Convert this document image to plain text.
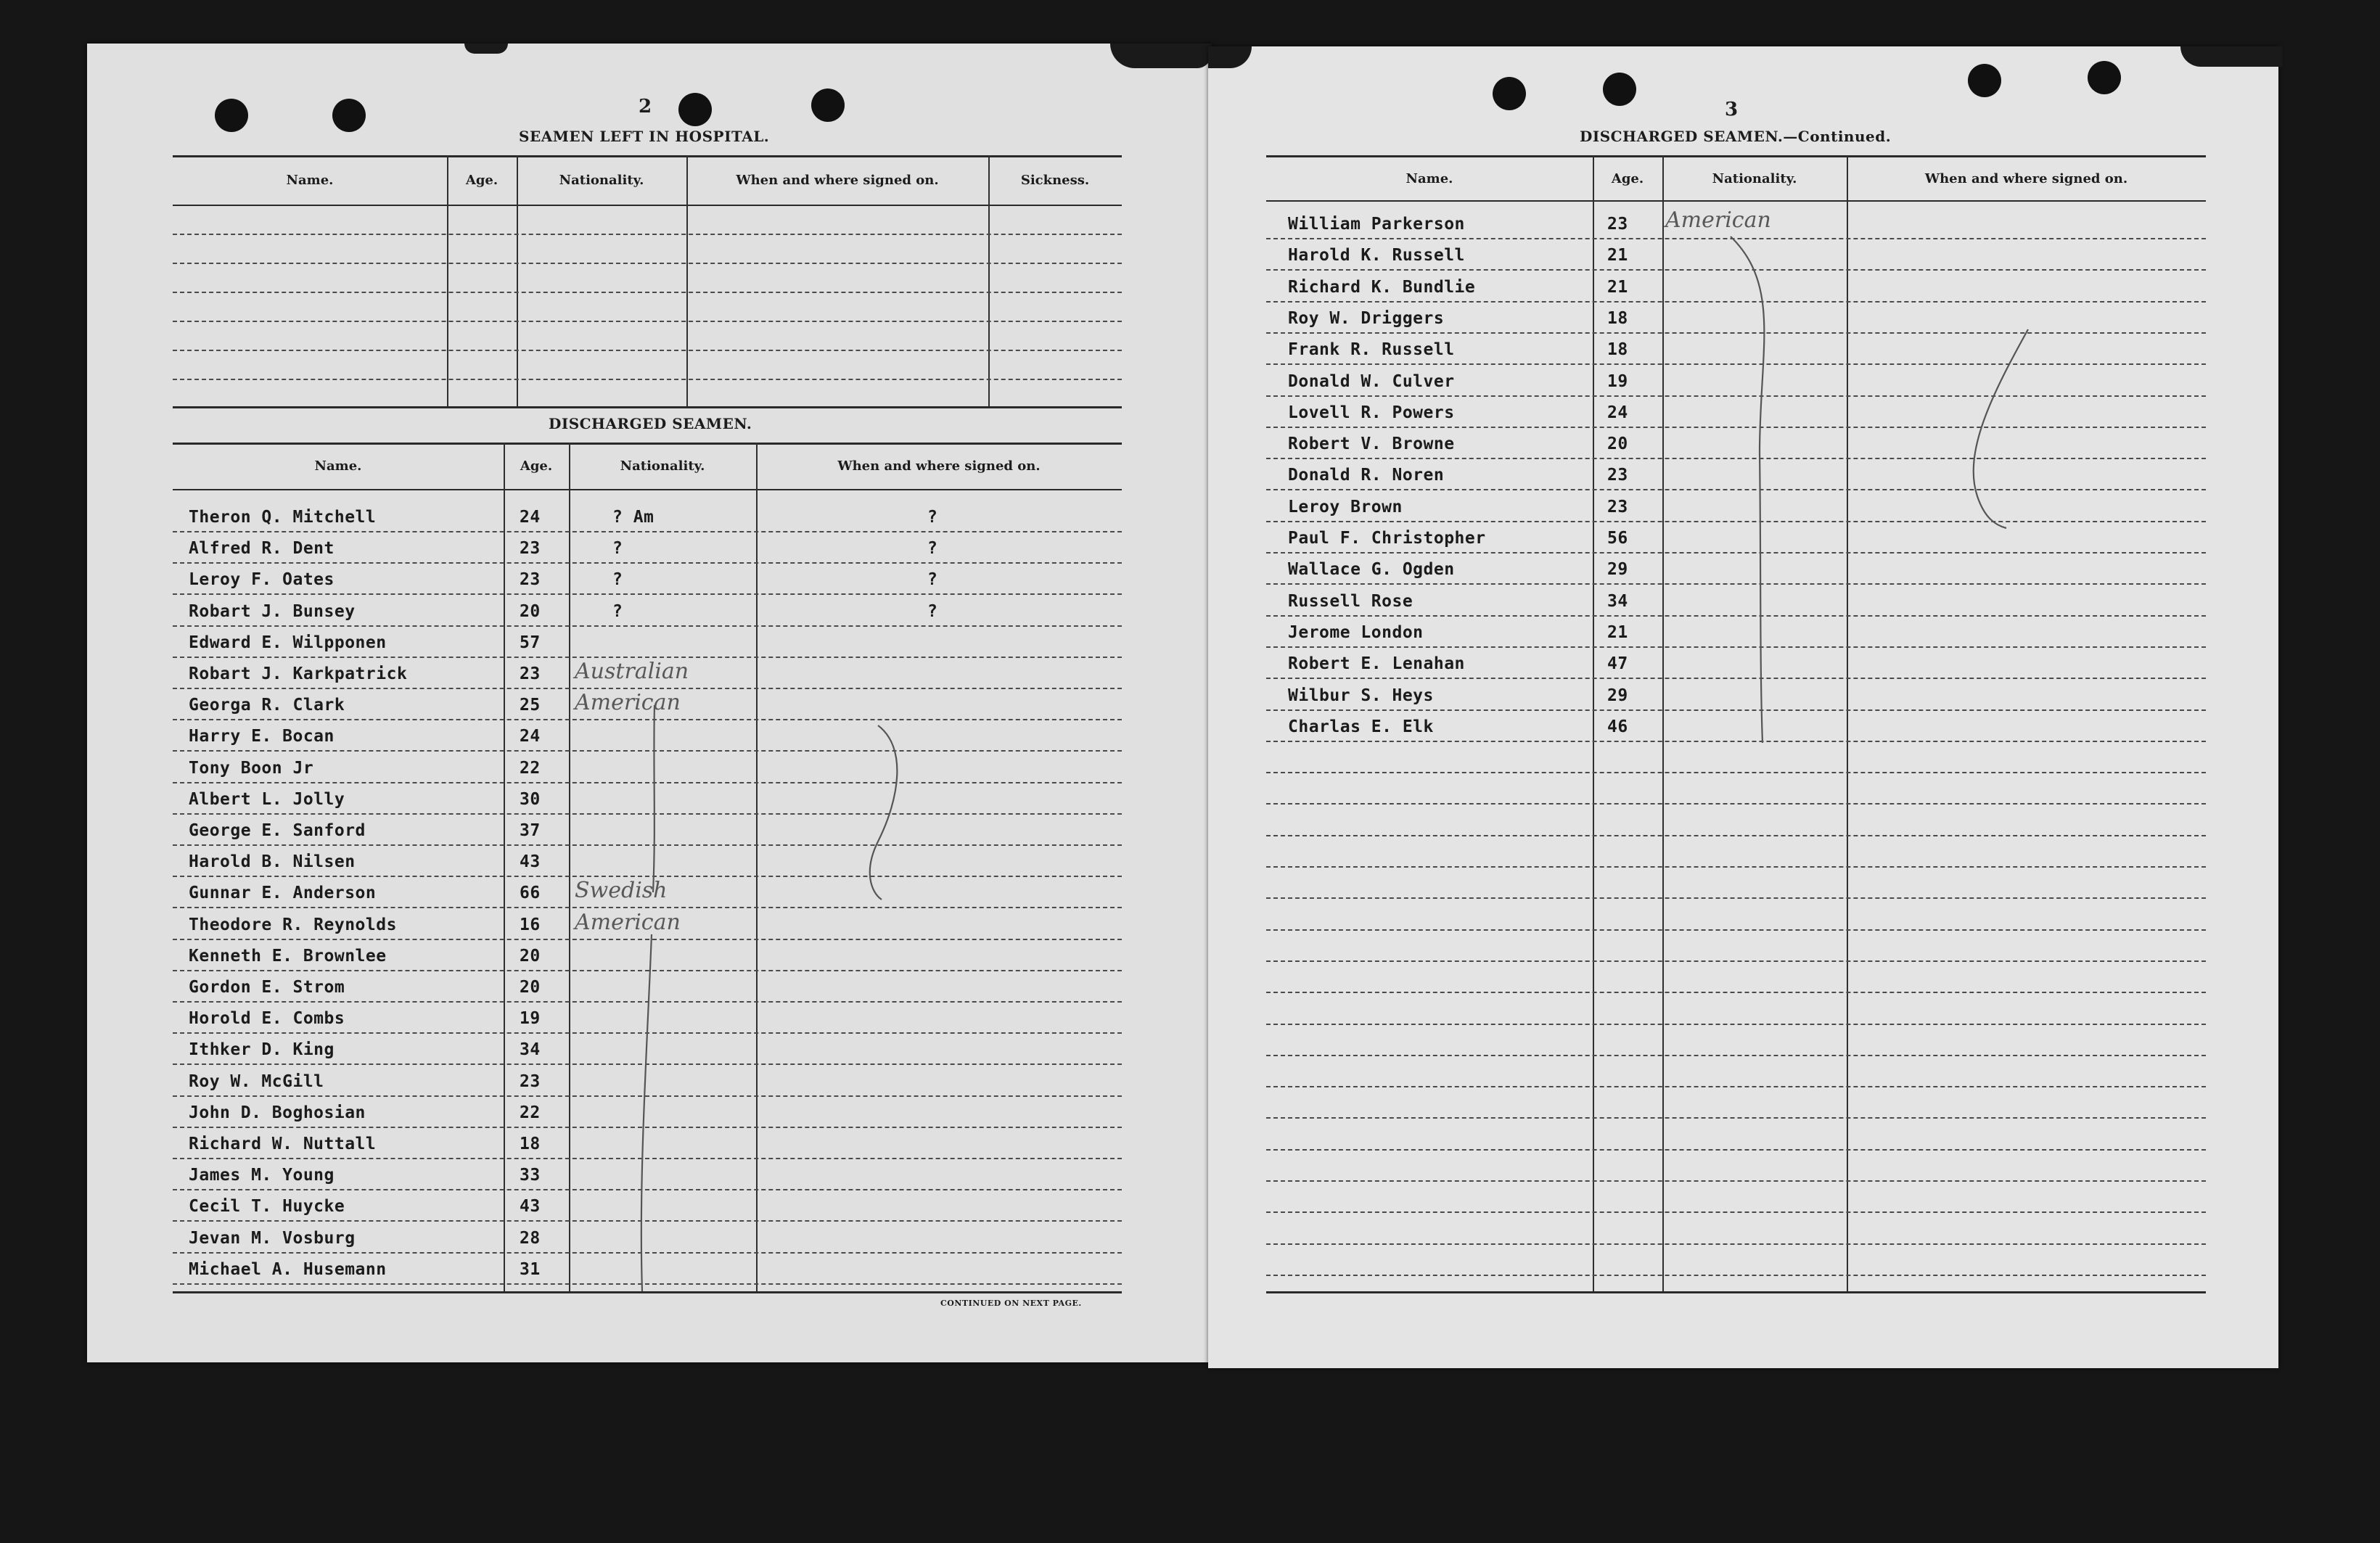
2
SEAMEN LEFT IN HOSPITAL.
Name.	Age.	Nationality.	When and where signed on.	Sickness.
DISCHARGED SEAMEN.
Name.	Age.	Nationality.	When and where signed on.
Theron Q. Mitchell	24	? Am	?
Alfred R. Dent	23	?	?
Leroy F. Oates	23	?	?
Robart J. Bunsey	20	?	?
Edward E. Wilpponen	57
Robart J. Karkpatrick	23 Australian
Georga R. Clark	25 American
Harry E. Bocan	24
Tony Boon Jr	22
Albert L. Jolly	30
George E. Sanford	37
Harold B. Nilsen	43
Gunnar E. Anderson	66 Swedish
Theodore R. Reynolds	16 American
Kenneth E. Brownlee	20
Gordon E. Strom	20
Horold E. Combs	19
Ithker D. King	34
Roy W. McGill	23
John D. Boghosian	22
Richard W. Nuttall	18
James M. Young	33
Cecil T. Huycke	43
Jevan M. Vosburg	28
Michael A. Husemann	31
CONTINUED ON NEXT PAGE.
3
DISCHARGED SEAMEN.—Continued.
Name.	Age.	Nationality.	When and where signed on.
William Parkerson	23 American
Harold K. Russell	21
Richard K. Bundlie	21
Roy W. Driggers	18
Frank R. Russell	18
Donald W. Culver	19
Lovell R. Powers	24
Robert V. Browne	20
Donald R. Noren	23
Leroy Brown	23
Paul F. Christopher	56
Wallace G. Ogden	29
Russell Rose	34
Jerome London	21
Robert E. Lenahan	47
Wilbur S. Heys	29
Charlas E. Elk	46
